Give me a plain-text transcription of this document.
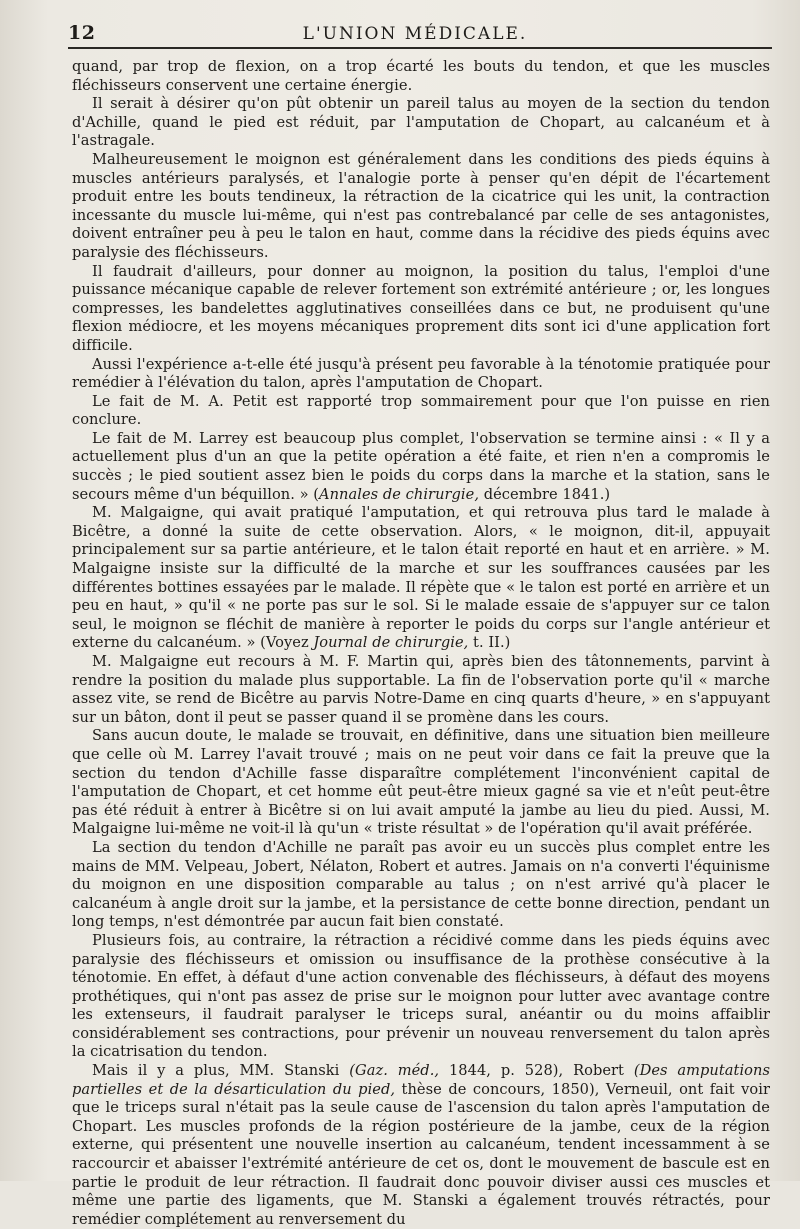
12	L'UNION MÉDICALE.

quand, par trop de flexion, on a trop écarté les bouts du tendon, et que les muscles fléchisseurs conservent une certaine énergie.

Il serait à désirer qu'on pût obtenir un pareil talus au moyen de la section du tendon d'Achille, quand le pied est réduit, par l'amputation de Chopart, au calcanéum et à l'astragale.

Malheureusement le moignon est généralement dans les conditions des pieds équins à muscles antérieurs paralysés, et l'analogie porte à penser qu'en dépit de l'écartement produit entre les bouts tendineux, la rétraction de la cicatrice qui les unit, la contraction incessante du muscle lui-même, qui n'est pas contrebalancé par celle de ses antagonistes, doivent entraîner peu à peu le talon en haut, comme dans la récidive des pieds équins avec paralysie des fléchisseurs.

Il faudrait d'ailleurs, pour donner au moignon, la position du talus, l'emploi d'une puissance mécanique capable de relever fortement son extrémité antérieure ; or, les longues compresses, les bandelettes agglutinatives conseillées dans ce but, ne produisent qu'une flexion médiocre, et les moyens mécaniques proprement dits sont ici d'une application fort difficile.

Aussi l'expérience a-t-elle été jusqu'à présent peu favorable à la ténotomie pratiquée pour remédier à l'élévation du talon, après l'amputation de Chopart.

Le fait de M. A. Petit est rapporté trop sommairement pour que l'on puisse en rien conclure.

Le fait de M. Larrey est beaucoup plus complet, l'observation se termine ainsi : « Il y a actuellement plus d'un an que la petite opération a été faite, et rien n'en a compromis le succès ; le pied soutient assez bien le poids du corps dans la marche et la station, sans le secours même d'un béquillon. » (Annales de chirurgie, décembre 1841.)

M. Malgaigne, qui avait pratiqué l'amputation, et qui retrouva plus tard le malade à Bicêtre, a donné la suite de cette observation. Alors, « le moignon, dit-il, appuyait principalement sur sa partie antérieure, et le talon était reporté en haut et en arrière. » M. Malgaigne insiste sur la difficulté de la marche et sur les souffrances causées par les différentes bottines essayées par le malade. Il répète que « le talon est porté en arrière et un peu en haut, » qu'il « ne porte pas sur le sol. Si le malade essaie de s'appuyer sur ce talon seul, le moignon se fléchit de manière à reporter le poids du corps sur l'angle antérieur et externe du calcanéum. » (Voyez Journal de chirurgie, t. II.)

M. Malgaigne eut recours à M. F. Martin qui, après bien des tâtonnements, parvint à rendre la position du malade plus supportable. La fin de l'observation porte qu'il « marche assez vite, se rend de Bicêtre au parvis Notre-Dame en cinq quarts d'heure, » en s'appuyant sur un bâton, dont il peut se passer quand il se promène dans les cours.

Sans aucun doute, le malade se trouvait, en définitive, dans une situation bien meilleure que celle où M. Larrey l'avait trouvé ; mais on ne peut voir dans ce fait la preuve que la section du tendon d'Achille fasse disparaître complétement l'inconvénient capital de l'amputation de Chopart, et cet homme eût peut-être mieux gagné sa vie et n'eût peut-être pas été réduit à entrer à Bicêtre si on lui avait amputé la jambe au lieu du pied. Aussi, M. Malgaigne lui-même ne voit-il là qu'un « triste résultat » de l'opération qu'il avait préférée.

La section du tendon d'Achille ne paraît pas avoir eu un succès plus complet entre les mains de MM. Velpeau, Jobert, Nélaton, Robert et autres. Jamais on n'a converti l'équinisme du moignon en une disposition comparable au talus ; on n'est arrivé qu'à placer le calcanéum à angle droit sur la jambe, et la persistance de cette bonne direction, pendant un long temps, n'est démontrée par aucun fait bien constaté.

Plusieurs fois, au contraire, la rétraction a récidivé comme dans les pieds équins avec paralysie des fléchisseurs et omission ou insuffisance de la prothèse consécutive à la ténotomie. En effet, à défaut d'une action convenable des fléchisseurs, à défaut des moyens prothétiques, qui n'ont pas assez de prise sur le moignon pour lutter avec avantage contre les extenseurs, il faudrait paralyser le triceps sural, anéantir ou du moins affaiblir considérablement ses contractions, pour prévenir un nouveau renversement du talon après la cicatrisation du tendon.

Mais il y a plus, MM. Stanski (Gaz. méd., 1844, p. 528), Robert (Des amputations partielles et de la désarticulation du pied, thèse de concours, 1850), Verneuil, ont fait voir que le triceps sural n'était pas la seule cause de l'ascension du talon après l'amputation de Chopart. Les muscles profonds de la région postérieure de la jambe, ceux de la région externe, qui présentent une nouvelle insertion au calcanéum, tendent incessamment à se raccourcir et abaisser l'extrémité antérieure de cet os, dont le mouvement de bascule est en partie le produit de leur rétraction. Il faudrait donc pouvoir diviser aussi ces muscles et même une partie des ligaments, que M. Stanski a également trouvés rétractés, pour remédier complétement au renversement du
